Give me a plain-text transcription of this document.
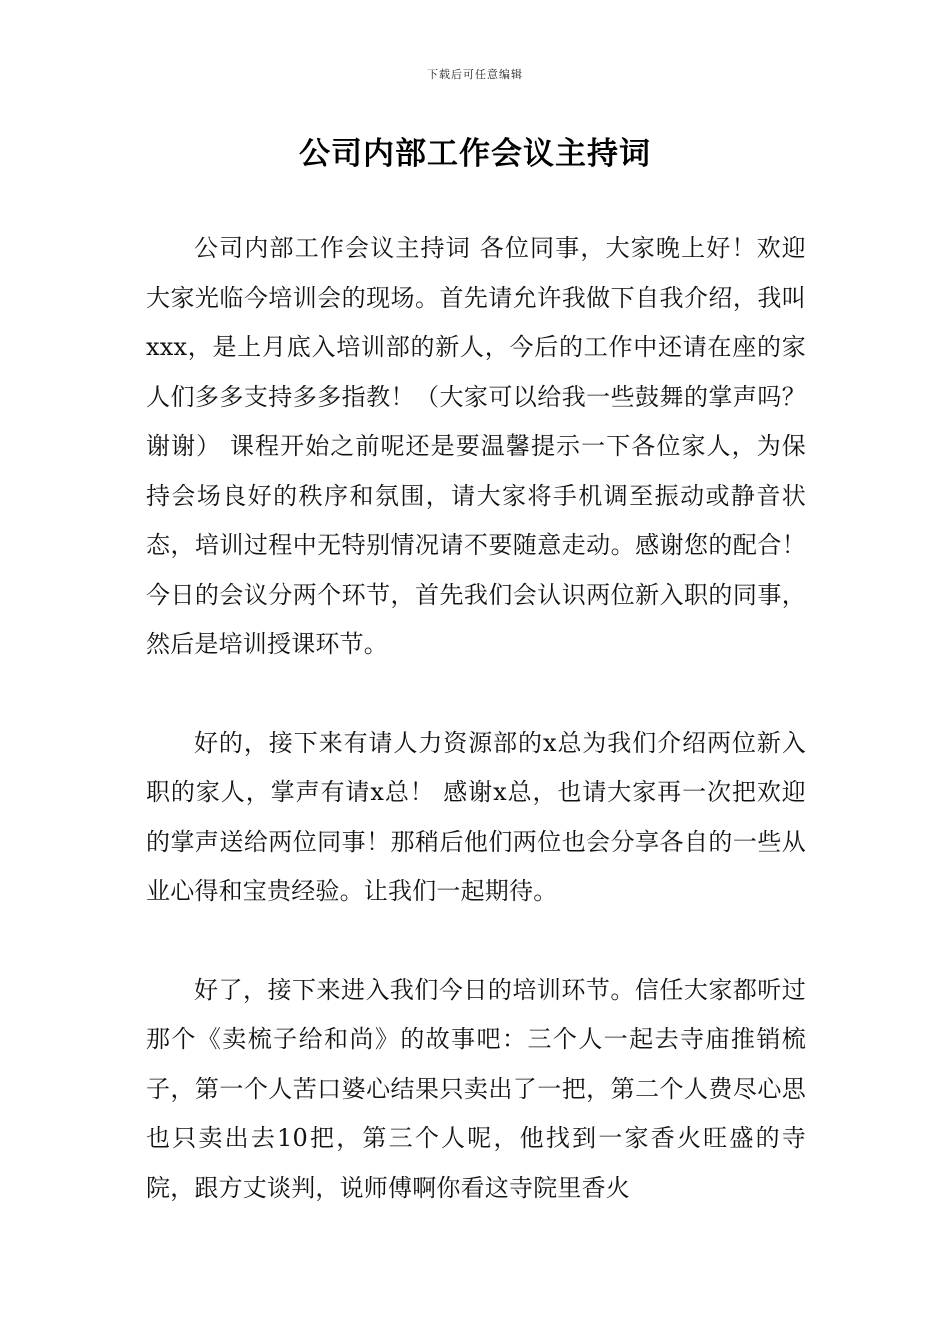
下载后可任意编辑
公司内部工作会议主持词

公司内部工作会议主持词 各位同事，大家晚上好！欢迎大家光临今培训会的现场。首先请允许我做下自我介绍，我叫xxx，是上月底入培训部的新人，今后的工作中还请在座的家人们多多支持多多指教！（大家可以给我一些鼓舞的掌声吗？谢谢） 课程开始之前呢还是要温馨提示一下各位家人，为保持会场良好的秩序和氛围，请大家将手机调至振动或静音状态，培训过程中无特别情况请不要随意走动。感谢您的配合！ 今日的会议分两个环节，首先我们会认识两位新入职的同事，然后是培训授课环节。

好的，接下来有请人力资源部的x总为我们介绍两位新入职的家人，掌声有请x总！ 感谢x总，也请大家再一次把欢迎的掌声送给两位同事！那稍后他们两位也会分享各自的一些从业心得和宝贵经验。让我们一起期待。

好了，接下来进入我们今日的培训环节。信任大家都听过那个《卖梳子给和尚》的故事吧：三个人一起去寺庙推销梳子，第一个人苦口婆心结果只卖出了一把，第二个人费尽心思也只卖出去10把，第三个人呢，他找到一家香火旺盛的寺院，跟方丈谈判，说师傅啊你看这寺院里香火
